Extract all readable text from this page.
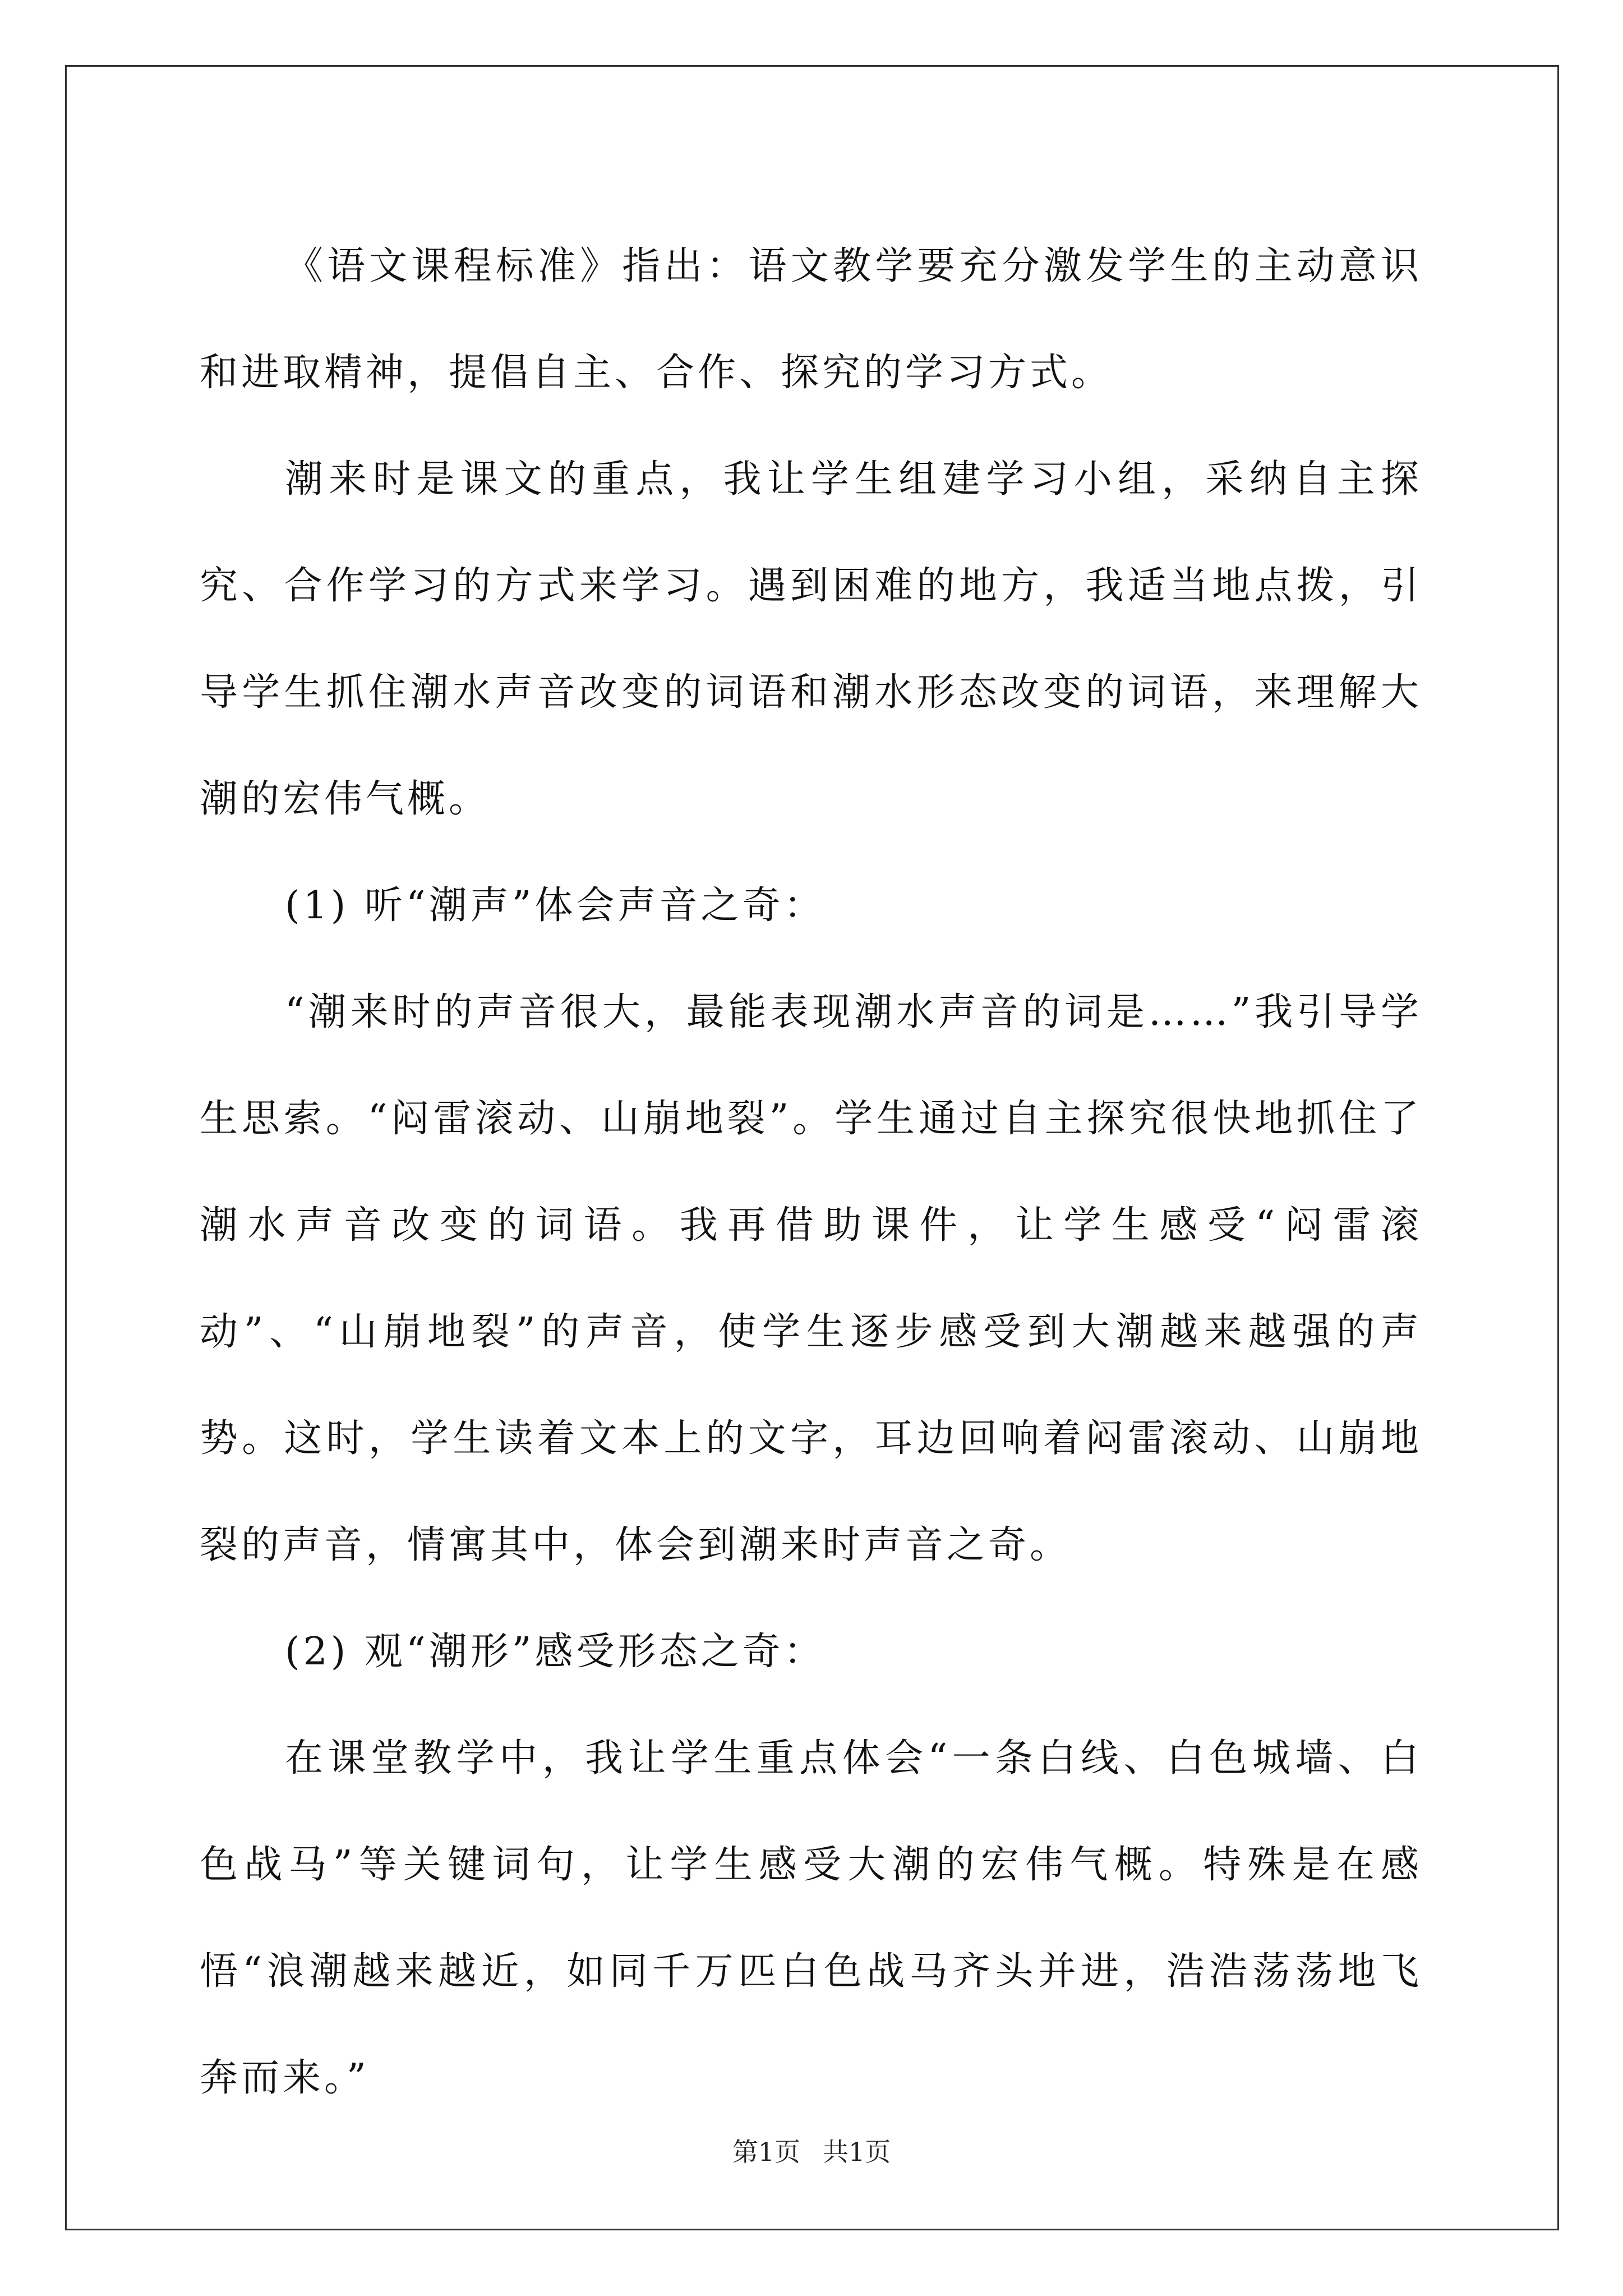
《语文课程标准》指出：语文教学要充分激发学生的主动意识和进取精神，提倡自主、合作、探究的学习方式。

潮来时是课文的重点，我让学生组建学习小组，采纳自主探究、合作学习的方式来学习。遇到困难的地方，我适当地点拨，引导学生抓住潮水声音改变的词语和潮水形态改变的词语，来理解大潮的宏伟气概。

(1) 听“潮声”体会声音之奇：

“潮来时的声音很大，最能表现潮水声音的词是……”我引导学生思索。“闷雷滚动、山崩地裂”。学生通过自主探究很快地抓住了潮水声音改变的词语。我再借助课件，让学生感受“闷雷滚动”、“山崩地裂”的声音，使学生逐步感受到大潮越来越强的声势。这时，学生读着文本上的文字，耳边回响着闷雷滚动、山崩地裂的声音，情寓其中，体会到潮来时声音之奇。

(2) 观“潮形”感受形态之奇：

在课堂教学中，我让学生重点体会“一条白线、白色城墙、白色战马”等关键词句，让学生感受大潮的宏伟气概。特殊是在感悟“浪潮越来越近，如同千万匹白色战马齐头并进，浩浩荡荡地飞奔而来。”

第1页 共1页
